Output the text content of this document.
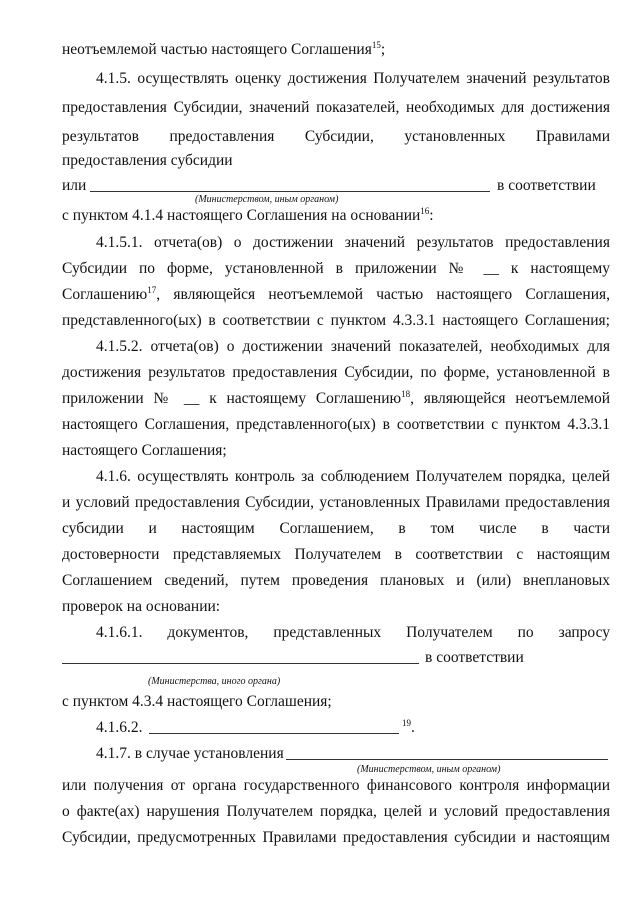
неотъемлемой частью настоящего Соглашения$^{15}$;
4.1.5. осуществлять оценку достижения Получателем значений результатов
предоставления Субсидии, значений показателей, необходимых для достижения
результатов предоставления Субсидии, установленных Правилами
предоставления субсидии
или	в соответствии
(Министерством, иным органом)
с пунктом 4.1.4 настоящего Соглашения на основании$^{16}$:
4.1.5.1. отчета(ов) о достижении значений результатов предоставления
Субсидии по форме, установленной в приложении № __ к настоящему
Соглашению$^{17}$, являющейся неотъемлемой частью настоящего Соглашения,
представленного(ых) в соответствии с пунктом 4.3.3.1 настоящего Соглашения;
4.1.5.2. отчета(ов) о достижении значений показателей, необходимых для
достижения результатов предоставления Субсидии, по форме, установленной в
приложении № __ к настоящему Соглашению$^{18}$, являющейся неотъемлемой
настоящего Соглашения, представленного(ых) в соответствии с пунктом 4.3.3.1
настоящего Соглашения;
4.1.6. осуществлять контроль за соблюдением Получателем порядка, целей
и условий предоставления Субсидии, установленных Правилами предоставления
субсидии и настоящим Соглашением, в том числе в части
достоверности представляемых Получателем в соответствии с настоящим
Соглашением сведений, путем проведения плановых и (или) внеплановых
проверок на основании:
4.1.6.1. документов, представленных Получателем по запросу
в соответствии
(Министерства, иного органа)
с пунктом 4.3.4 настоящего Соглашения;
4.1.6.2.	$^{19}$.
4.1.7. в случае установления
(Министерством, иным органом)
или получения от органа государственного финансового контроля информации
о факте(ах) нарушения Получателем порядка, целей и условий предоставления
Субсидии, предусмотренных Правилами предоставления субсидии и настоящим
